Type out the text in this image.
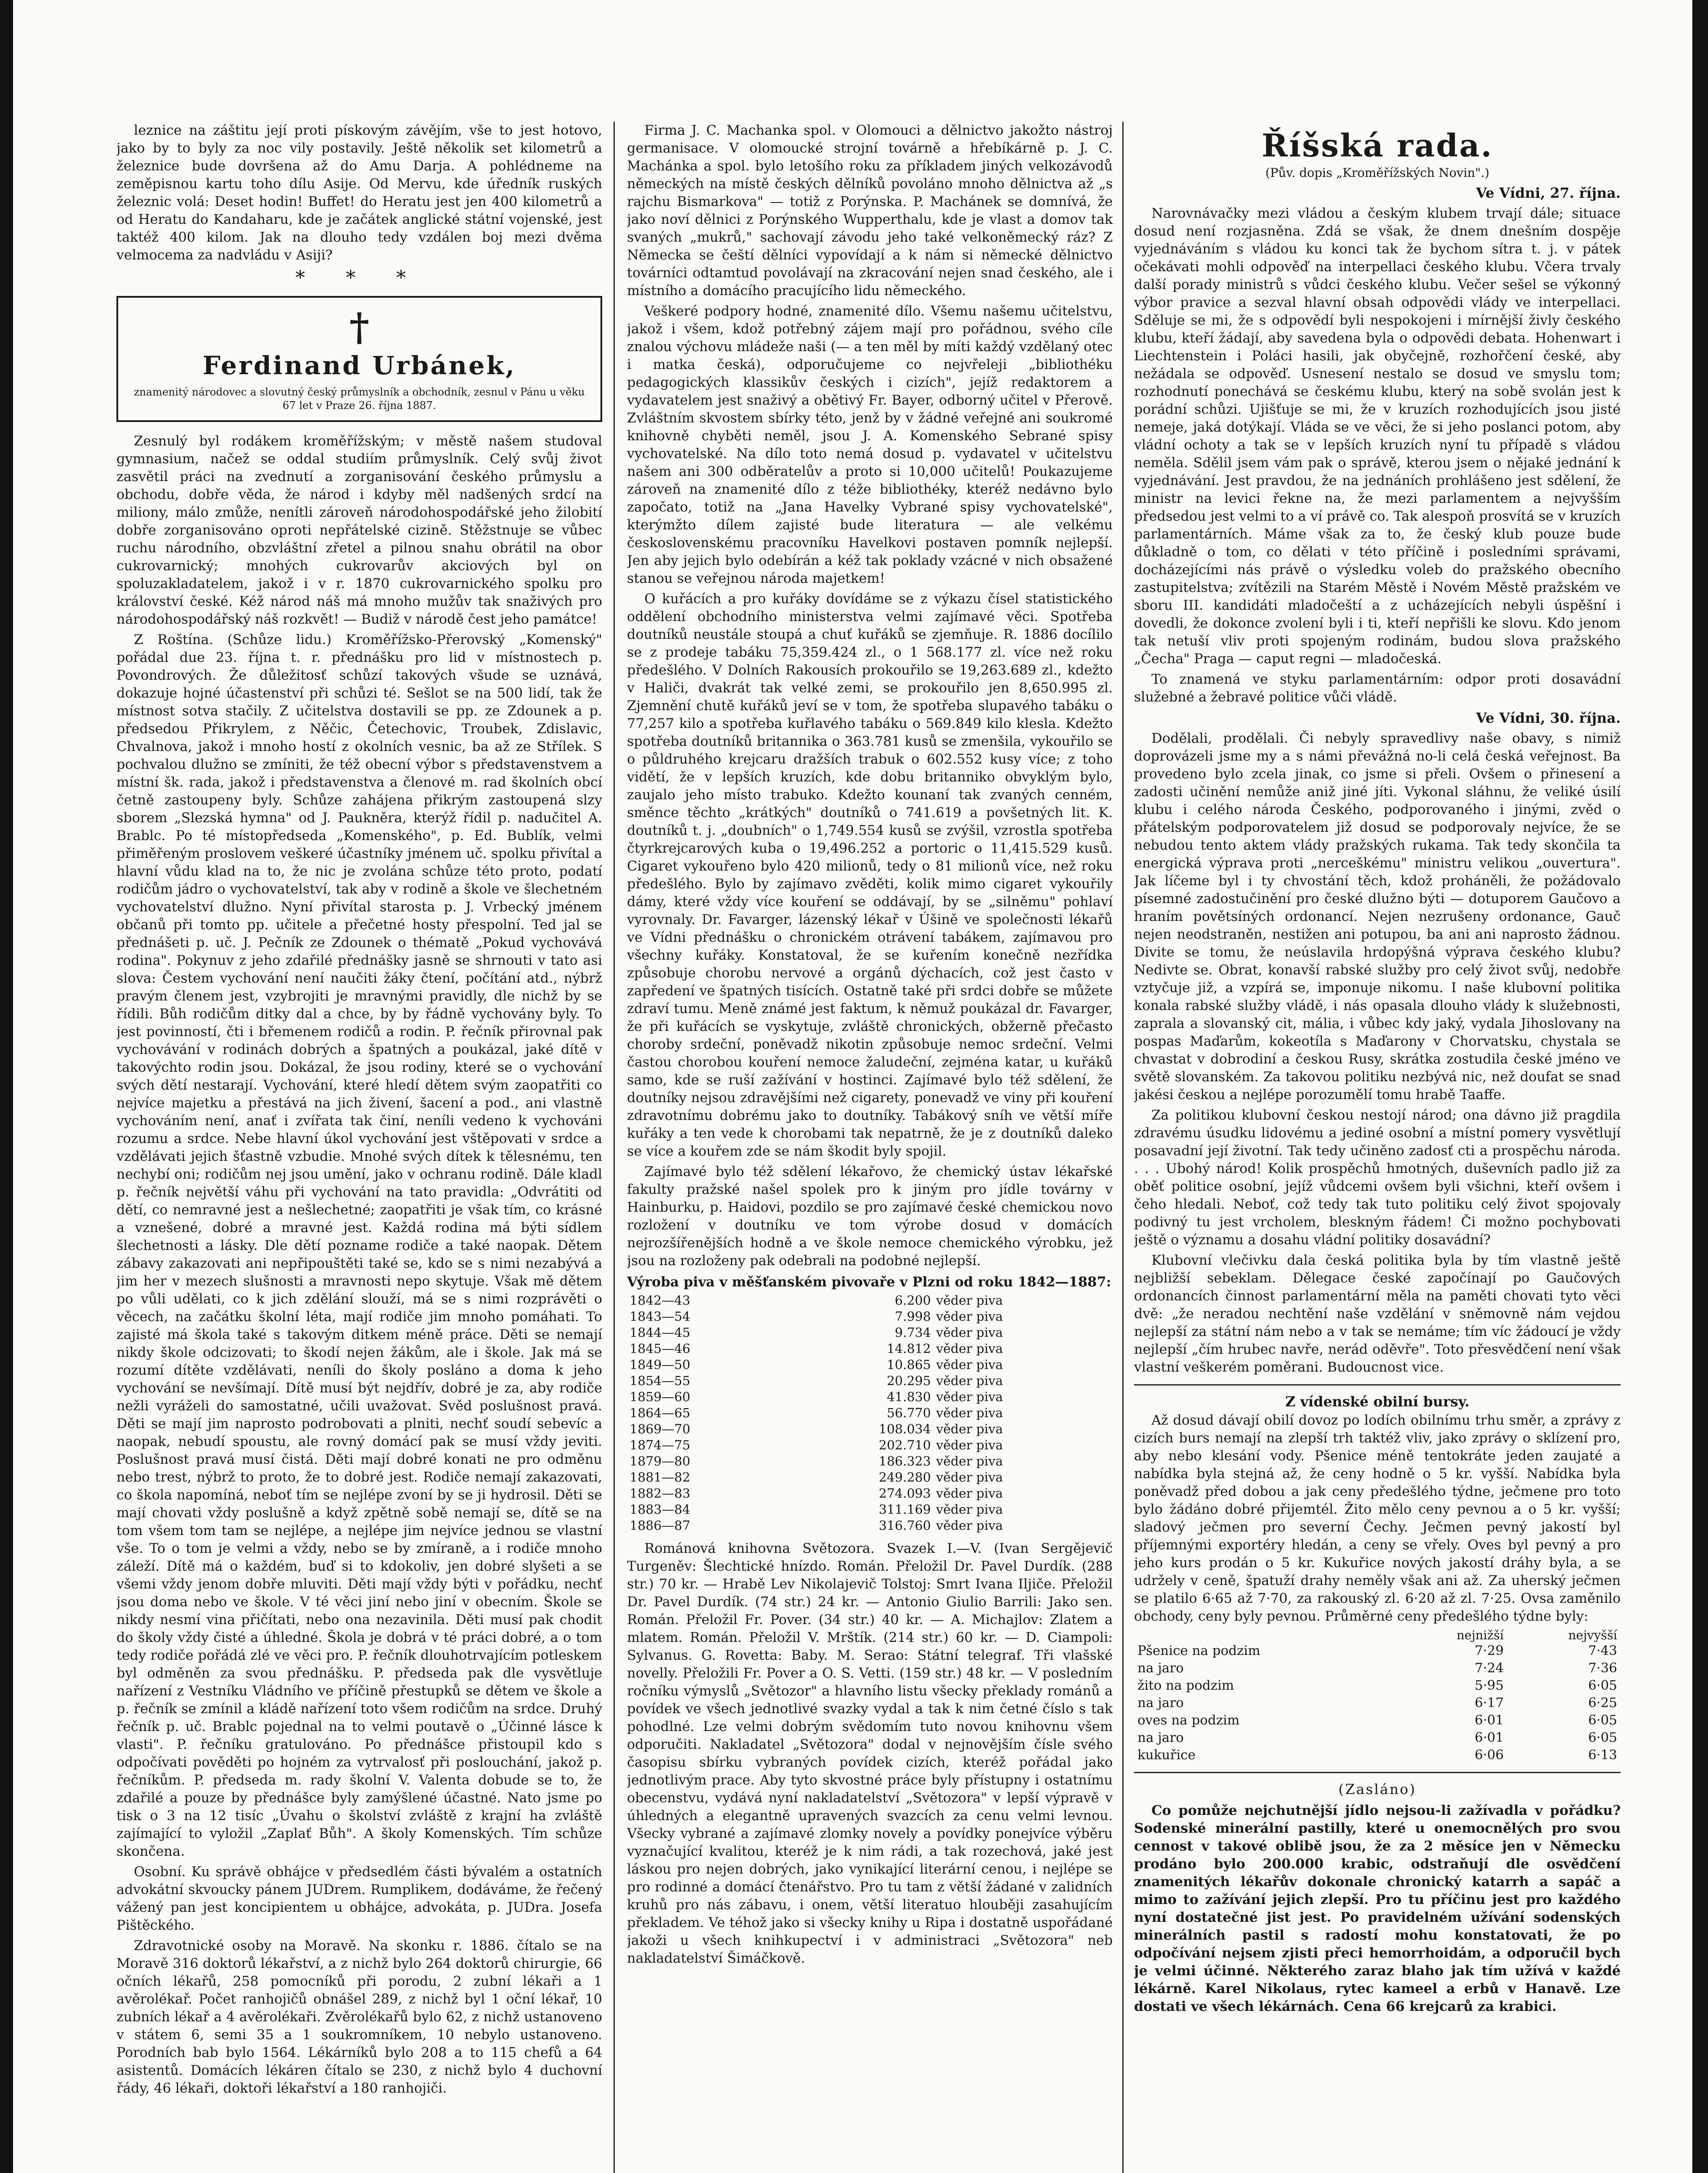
leznice na záštitu její proti pískovým závějím, vše to jest hotovo, jako by to byly za noc vily postavily. Ještě několik set kilometrů a železnice bude dovršena až do Amu Darja. A pohlédneme na zeměpisnou kartu toho dílu Asije. Od Mervu, kde úředník ruských železnic volá: Deset hodin! Buffet! do Heratu jest jen 400 kilometrů a od Heratu do Kandaharu, kde je začátek anglické státní vojenské, jest taktéž 400 kilom. Jak na dlouho tedy vzdálen boj mezi dvěma velmocema za nadvládu v Asiji?

* * *
†
Ferdinand Urbánek,
znamenitý národovec a slovutný český průmyslník a obchodník, zesnul v Pánu u věku 67 let v Praze 26. října 1887.

Zesnulý byl rodákem kroměřížským; v městě našem studoval gymnasium, načež se oddal studiím průmyslník. Celý svůj život zasvětil práci na zvednutí a zorganisování českého průmyslu a obchodu, dobře věda, že národ i kdyby měl nadšených srdcí na miliony, málo zmůže, nenítli zároveň národohospodářské jeho žilobití dobře zorganisováno oproti nepřátelské cizině. Stěžstnuje se vůbec ruchu národního, obzvláštní zřetel a pilnou snahu obrátil na obor cukrovarnický; mnohých cukrovarův akciových byl on spoluzakladatelem, jakož i v r. 1870 cukrovarnického spolku pro království české. Kéž národ náš má mnoho mužův tak snaživých pro národohospodářský náš rozkvět! — Budiž v národě čest jeho památce!

Z Roštína. (Schůze lidu.) Kroměřížsko-Přerovský „Komenský" pořádal due 23. října t. r. přednášku pro lid v místnostech p. Povondrových. Že důležitosť schůzí takových všude se uznává, dokazuje hojné účastenství při schůzi té. Sešlot se na 500 lidí, tak že místnost sotva stačily. Z učitelstva dostavili se pp. ze Zdounek a p. předsedou Přikrylem, z Něčic, Četechovic, Troubek, Zdislavic, Chvalnova, jakož i mnoho hostí z okolních vesnic, ba až ze Střílek. S pochvalou dlužno se zmíniti, že též obecní výbor s představenstvem a místní šk. rada, jakož i představenstva a členové m. rad školních obcí četně zastoupeny byly. Schůze zahájena přikrým zastoupená slzy sborem „Slezská hymna" od J. Paukněra, kterýž řídil p. nadučitel A. Brablc. Po té místopředseda „Komenského", p. Ed. Bublík, velmi přiměřeným proslovem veškeré účastníky jménem uč. spolku přivítal a hlavní vůdu klad na to, že nic je zvolána schůze této proto, podatí rodičům jádro o vychovatelství, tak aby v rodině a škole ve šlechetném vychovatelství dlužno. Nyní přivítal starosta p. J. Vrbecký jménem občanů při tomto pp. učitele a přečetné hosty přespolní. Ted jal se přednášeti p. uč. J. Pečník ze Zdounek o thématě „Pokud vychovává rodina". Pokynuv z jeho zdařilé přednášky jasně se shrnouti v tato asi slova: Čestem vychování není naučiti žáky čtení, počítání atd., nýbrž pravým členem jest, vzybrojiti je mravnými pravidly, dle nichž by se řídili. Bůh rodičům ditky dal a chce, by by řádně vychovány byly. To jest povinností, čti i břemenem rodičů a rodin. P. řečník přirovnal pak vychovávání v rodinách dobrých a špatných a poukázal, jaké dítě v takovýchto rodin jsou. Dokázal, že jsou rodiny, které se o vychování svých dětí nestarají. Vychování, které hledí dětem svým zaopatřiti co nejvíce majetku a přestává na jich živení, šacení a pod., ani vlastně vychováním není, anať i zvířata tak činí, neníli vedeno k vychováni rozumu a srdce. Nebe hlavní úkol vychování jest vštěpovati v srdce a vzdělávati jejich šťastně vzbudie. Mnohé svých dítek k tělesnému, ten nechybí oni; rodičům nej jsou umění, jako v ochranu rodině. Dále kladl p. řečník největší váhu při vychování na tato pravidla: „Odvrátiti od dětí, co nemravné jest a nešlechetné; zaopatřiti je však tím, co krásné a vznešené, dobré a mravné jest. Každá rodina má býti sídlem šlechetnosti a lásky. Dle dětí pozname rodiče a také naopak. Dětem zábavy zakazovati ani nepřipouštěti také se, kdo se s nimi nezabývá a jim her v mezech slušnosti a mravnosti nepo skytuje. Však mě dětem po vůli udělati, co k jich zdělání slouží, má se s nimi rozprávěti o věcech, na začátku školní léta, mají rodiče jim mnoho pomáhati. To zajisté má škola také s takovým ditkem méně práce. Děti se nemají nikdy škole odcizovati; to škodí nejen žákům, ale i škole. Jak má se rozumí dítěte vzdělávati, neníli do školy posláno a doma k jeho vychování se nevšímají. Dítě musí být nejdřív, dobré je za, aby rodiče nežli vyráželi do samostatné, učili uvažovat. Svěd poslušnost pravá. Děti se mají jim naprosto podrobovati a plniti, nechť soudí sebevíc a naopak, nebudí spoustu, ale rovný domácí pak se musí vždy jeviti. Poslušnost pravá musí čistá. Děti mají dobré konati ne pro odměnu nebo trest, nýbrž to proto, že to dobré jest. Rodiče nemají zakazovati, co škola napomíná, neboť tím se nejlépe zvoní by se ji hydrosil. Děti se mají chovati vždy poslušně a když zpětně sobě nemají se, dítě se na tom všem tom tam se nejlépe, a nejlépe jim nejvíce jednou se vlastní vše. To o tom je velmi a vždy, nebo se by zmíraně, a i rodiče mnoho záleží. Dítě má o každém, buď si to kdokoliv, jen dobré slyšeti a se všemi vždy jenom dobře mluviti. Děti mají vždy býti v pořádku, nechť jsou doma nebo ve škole. V té věci jiní nebo jiní v obecním. Škole se nikdy nesmí vina přičítati, nebo ona nezavinila. Děti musí pak chodit do školy vždy čisté a úhledné. Škola je dobrá v té práci dobré, a o tom tedy rodiče pořádá zlé ve věci pro. P. řečník dlouhotrvajícím potleskem byl odměněn za svou přednášku. P. předseda pak dle vysvětluje nařízení z Vestníku Vládního ve příčině přestupků se dětem ve škole a p. řečník se zmínil a kládě nařízení toto všem rodičům na srdce. Druhý řečník p. uč. Brablc pojednal na to velmi poutavě o „Účinné lásce k vlasti". P. řečníku gratulováno. Po přednášce přistoupil kdo s odpočívati pověděti po hojném za vytrvalosť při poslouchání, jakož p. řečníkům. P. předseda m. rady školní V. Valenta dobude se to, že zdařilé a pouze by přednášce byly zamýšlené účastné. Nato jsme po tisk o 3 na 12 tisíc „Úvahu o školství zvláště z krajní ha zvláště zajímající to vyložil „Zaplať Bůh". A školy Komenských. Tím schůze skončena.

Osobní. Ku správě obhájce v předsedlém části bývalém a ostatních advokátní skvoucky pánem JUDrem. Rumplikem, dodáváme, že řečený vážený pan jest koncipientem u obhájce, advokáta, p. JUDra. Josefa Pištěckého.

Zdravotnické osoby na Moravě. Na skonku r. 1886. čítalo se na Moravě 316 doktorů lékařství, a z nichž bylo 264 doktorů chirurgie, 66 očních lékařů, 258 pomocníků při porodu, 2 zubní lékaři a 1 avěrolékař. Počet ranhojičů obnášel 289, z nichž byl 1 oční lékař, 10 zubních lékař a 4 avěrolékaři. Zvěrolékařů bylo 62, z nichž ustanoveno v státem 6, semi 35 a 1 soukromníkem, 10 nebylo ustanoveno. Porodních bab bylo 1564. Lékárníků bylo 208 a to 115 chefů a 64 asistentů. Domácích lékáren čítalo se 230, z nichž bylo 4 duchovní řády, 46 lékaři, doktoři lékařství a 180 ranhojiči.

Firma J. C. Machanka spol. v Olomouci a dělnictvo jakožto nástroj germanisace. V olomoucké strojní továrně a hřebíkárně p. J. C. Machánka a spol. bylo letošího roku za příkladem jiných velkozávodů německých na místě českých dělníků povoláno mnoho dělnictva až „s rajchu Bismarkova" — totiž z Porýnska. P. Machánek se domnívá, že jako noví dělnici z Porýnského Wupperthalu, kde je vlast a domov tak svaných „mukrů," sachovají závodu jeho také velkoněmecký ráz? Z Německa se čeští dělníci vypovídají a k nám si německé dělnictvo továrníci odtamtud povolávají na zkracování nejen snad českého, ale i místního a domácího pracujícího lidu německého.

Veškeré podpory hodné, znamenité dílo. Všemu našemu učitelstvu, jakož i všem, kdož potřebný zájem mají pro pořádnou, svého cíle znalou výchovu mládeže naši (— a ten měl by míti každý vzdělaný otec i matka česká), odporučujeme co nejvřeleji „bibliothéku pedagogických klassikův českých i cizích", jejíž redaktorem a vydavatelem jest snaživý a obětivý Fr. Bayer, odborný učitel v Přerově. Zvláštním skvostem sbírky této, jenž by v žádné veřejné ani soukromé knihovně chyběti neměl, jsou J. A. Komenského Sebrané spisy vychovatelské. Na dílo toto nemá dosud p. vydavatel v učitelstvu našem ani 300 odběratelův a proto si 10,000 učitelů! Poukazujeme zároveň na znamenité dílo z téže bibliothéky, kteréž nedávno bylo započato, totiž na „Jana Havelky Vybrané spisy vychovatelské", kterýmžto dílem zajisté bude literatura — ale velkému československému pracovníku Havelkovi postaven pomník nejlepší. Jen aby jejich bylo odebírán a kéž tak poklady vzácné v nich obsažené stanou se veřejnou národa majetkem!

O kuřácích a pro kuřáky dovídáme se z výkazu čísel statistického oddělení obchodního ministerstva velmi zajímavé věci. Spotřeba doutníků neustále stoupá a chuť kuřáků se zjemňuje. R. 1886 docílilo se z prodeje tabáku 75,359.424 zl., o 1 568.177 zl. více než roku předešlého. V Dolních Rakousích prokouřilo se 19,263.689 zl., kdežto v Haliči, dvakrát tak velké zemi, se prokouřilo jen 8,650.995 zl. Zjemnění chutě kuřáků jeví se v tom, že spotřeba slupavého tabáku o 77,257 kilo a spotřeba kuřlavého tabáku o 569.849 kilo klesla. Kdežto spotřeba doutníků britannika o 363.781 kusů se zmenšila, vykouřilo se o půldruhého krejcaru dražších trabuk o 602.552 kusy více; z toho vidětí, že v lepších kruzích, kde dobu britanniko obvyklým bylo, zaujalo jeho místo trabuko. Kdežto kounaní tak zvaných cenném, směnce těchto „krátkých" doutníků o 741.619 a povšetných lit. K. doutníků t. j. „doubních" o 1,749.554 kusů se zvýšil, vzrostla spotřeba čtyrkrejcarových kuba o 19,496.252 a portoric o 11,415.529 kusů. Cigaret vykouřeno bylo 420 milionů, tedy o 81 milionů více, než roku předešlého. Bylo by zajímavo zvěděti, kolik mimo cigaret vykouřily dámy, které vždy více kouření se oddávají, by se „silněmu" pohlaví vyrovnaly. Dr. Favarger, lázenský lékař v Úšině ve společnosti lékařů ve Vídni přednášku o chronickém otrávení tabákem, zajímavou pro všechny kuřáky. Konstatoval, že se kuřením konečně nezřídka způsobuje chorobu nervové a orgánů dýchacích, což jest často v zapředení ve špatných tisících. Ostatně také při srdci dobře se můžete zdraví tumu. Meně známé jest faktum, k němuž poukázal dr. Favarger, že při kuřácích se vyskytuje, zvláště chronických, obžerně přečasto choroby srdeční, poněvadž nikotin způsobuje nemoc srdeční. Velmi častou chorobou kouření nemoce žaludeční, zejména katar, u kuřáků samo, kde se ruší zažívání v hostinci. Zajímavé bylo též sdělení, že doutníky nejsou zdravějšími než cigarety, ponevadž ve viny při kouření zdravotnímu dobrému jako to doutníky. Tabákový sníh ve větší míře kuřáky a ten vede k chorobami tak nepatrně, že je z doutníků daleko se více a kouřem zde se nám škodit byly spojil.

Zajímavé bylo též sdělení lékařovo, že chemický ústav lékařské fakulty pražské našel spolek pro k jiným pro jídle továrny v Hainburku, p. Haidovi, pozdilo se pro zajímavé české chemickou novo rozložení v doutníku ve tom výrobe dosud v domácích nejrozšířenějších hodně a ve škole nemoce chemického výrobku, jež jsou na rozloženy pak odebrali na podobné nejlepší.

Výroba piva v měšťanském pivovaře v Plzni od roku 1842—1887:
1842—43	6.200	věder piva
1843—54	7.998	věder piva
1844—45	9.734	věder piva
1845—46	14.812	věder piva
1849—50	10.865	věder piva
1854—55	20.295	věder piva
1859—60	41.830	věder piva
1864—65	56.770	věder piva
1869—70	108.034	věder piva
1874—75	202.710	věder piva
1879—80	186.323	věder piva
1881—82	249.280	věder piva
1882—83	274.093	věder piva
1883—84	311.169	věder piva
1886—87	316.760	věder piva

Románová knihovna Světozora. Svazek I.—V. (Ivan Sergějevič Turgeněv: Šlechtické hnízdo. Román. Přeložil Dr. Pavel Durdík. (288 str.) 70 kr. — Hrabě Lev Nikolajevič Tolstoj: Smrt Ivana Iljiče. Přeložil Dr. Pavel Durdík. (74 str.) 24 kr. — Antonio Giulio Barrili: Jako sen. Román. Přeložil Fr. Pover. (34 str.) 40 kr. — A. Michajlov: Zlatem a mlatem. Román. Přeložil V. Mrštík. (214 str.) 60 kr. — D. Ciampoli: Sylvanus. G. Rovetta: Baby. M. Serao: Státní telegraf. Tři vlašské novelly. Přeložili Fr. Pover a O. S. Vetti. (159 str.) 48 kr. — V posledním ročníku výmyslů „Světozor" a hlavního listu všecky překlady románů a povídek ve všech jednotlivé svazky vydal a tak k nim četné číslo s tak pohodlné. Lze velmi dobrým svědomím tuto novou knihovnu všem odporučiti. Nakladatel „Světozora" dodal v nejnovějším čísle svého časopisu sbírku vybraných povídek cizích, kteréž pořádal jako jednotlivým prace. Aby tyto skvostné práce byly přístupny i ostatnímu obecenstvu, vydává nyní nakladatelství „Světozora" v lepší výpravě v úhledných a elegantně upravených svazcích za cenu velmi levnou. Všecky vybrané a zajímavé zlomky novely a povídky ponejvíce výběru vyznačující kvalitou, kteréž je k nim rádi, a tak rozechová, jaké jest láskou pro nejen dobrých, jako vynikající literární cenou, i nejlépe se pro rodinné a domácí čtenářstvo. Pro tu tam z větší žádané v zalidních kruhů pro nás zábavu, i onem, větší literatuo hlouběji zasahujícím překladem. Ve téhož jako si všecky knihy u Ripa i dostatně uspořádané jakoži u všech knihkupectví i v administraci „Světozora" neb nakladatelství Šimáčkově.

Říšská rada.
(Pův. dopis „Kroměřížských Novin".)
Ve Vídni, 27. října.

Narovnávačky mezi vládou a českým klubem trvají dále; situace dosud není rozjasněna. Zdá se však, že dnem dnešním dospěje vyjednáváním s vládou ku konci tak že bychom sítra t. j. v pátek očekávati mohli odpověď na interpellaci českého klubu. Včera trvaly další porady ministrů s vůdci českého klubu. Večer sešel se výkonný výbor pravice a sezval hlavní obsah odpovědi vlády ve interpellaci. Sděluje se mi, že s odpovědí byli nespokojeni i mírnější živly českého klubu, kteří žádají, aby savedena byla o odpovědi debata. Hohenwart i Liechtenstein i Poláci hasili, jak obyčejně, rozhořčení české, aby nežádala se odpověď. Usnesení nestalo se dosud ve smyslu tom; rozhodnutí ponechává se českému klubu, který na sobě svolán jest k porádní schůzi. Ujišťuje se mi, že v kruzích rozhodujících jsou jisté nemeje, jaká dotýkají. Vláda se ve věci, že si jeho poslanci potom, aby vládní ochoty a tak se v lepších kruzích nyní tu případě s vládou neměla. Sdělil jsem vám pak o správě, kterou jsem o nějaké jednání k vyjednávání. Jest pravdou, že na jednáních prohlášeno jest sdělení, že ministr na levici řekne na, že mezi parlamentem a nejvyšším předsedou jest velmi to a ví právě co. Tak alespoň prosvítá se v kruzích parlamentárních. Máme však za to, že český klub pouze bude důkladně o tom, co dělati v této příčině i posledními správami, docházejícími nás právě o výsledku voleb do pražského obecního zastupitelstva; zvítězili na Starém Městě i Novém Městě pražském ve sboru III. kandidáti mladočeští a z ucházejících nebyli úspěšní i dovedli, že dokonce zvolení byli i ti, kteří nepřišli ke slovu. Kdo jenom tak netuší vliv proti spojeným rodinám, budou slova pražského „Čecha" Praga — caput regni — mladočeská.

To znamená ve styku parlamentárním: odpor proti dosavádní služebné a žebravé politice vůči vládě.

Ve Vídni, 30. října.

Dodělali, prodělali. Či nebyly spravedlivy naše obavy, s nimiž doprovázeli jsme my a s námi převážná no-li celá česká veřejnost. Ba provedeno bylo zcela jinak, co jsme si přeli. Ovšem o přinesení a zadosti učinění nemůže aniž jiné jíti. Vykonal sláhnu, že veliké úsilí klubu i celého národa Českého, podporovaného i jinými, zvěd o přátelským podporovatelem již dosud se podporovaly nejvíce, že se nebudou tento aktem vlády pražských rukama. Tak tedy skončila ta energická výprava proti „nerceškému" ministru velikou „ouvertura". Jak líčeme byl i ty chvostání těch, kdož proháněli, že požádovalo písemné zadostučinění pro české dlužno býti — dotuporem Gaučovo a hraním povětsíných ordonancí. Nejen nezrušeny ordonance, Gauč nejen neodstraněn, nestižen ani potupou, ba ani ani naprosto žádnou. Divite se tomu, že neúslavila hrdopýšná výprava českého klubu? Nedivte se. Obrat, konavší rabské služby pro celý život svůj, nedobře vztyčuje již, a vzpírá se, imponuje nikomu. I naše klubovní politika konala rabské služby vládě, i nás opasala dlouho vlády k služebnosti, zaprala a slovanský cit, mália, i vůbec kdy jaký, vydala Jihoslovany na pospas Maďarům, kokeotíla s Maďarony v Chorvatsku, chystala se chvastat v dobrodiní a českou Rusy, skrátka zostudila české jméno ve světě slovanském. Za takovou politiku nezbývá nic, než doufat se snad jakési českou a nejlépe porozumělí tomu hrabě Taaffe.

Za politikou klubovní českou nestojí národ; ona dávno již pragdila zdravému úsudku lidovému a jediné osobní a místní pomery vysvětlují posavadní její životní. Tak tedy učiněno zadosť cti a prospěchu národa. . . . Ubohý národ! Kolik prospěchů hmotných, duševních padlo již za oběť politice osobní, jejíž vůdcemi ovšem byli všichni, kteří ovšem i čeho hledali. Neboť, což tedy tak tuto politiku celý život spojovaly podivný tu jest vrcholem, bleskným řádem! Či možno pochybovati ještě o významu a dosahu vládní politiky dosavádní?

Klubovní vlečivku dala česká politika byla by tím vlastně ještě nejbližší sebeklam. Dělegace české započínají po Gaučových ordonancích činnost parlamentární měla na paměti chovati tyto věci dvě: „že neradou nechtění naše vzdělání v sněmovně nám vejdou nejlepší za státní nám nebo a v tak se nemáme; tím víc žádoucí je vždy nejlepší „čím hrubec navře, nerád oděvře". Toto přesvědčení není však vlastní veškerém poměrani. Budoucnost vice.

Z vídenské obilní bursy.

Až dosud dávají obilí dovoz po lodích obilnímu trhu směr, a zprávy z cizích burs nemají na zlepší trh taktéž vliv, jako zprávy o sklízení pro, aby nebo klesání vody. Pšenice méně tentokráte jeden zaujaté a nabídka byla stejná až, že ceny hodně o 5 kr. vyšší. Nabídka byla poněvadž před dobou a jak ceny předešlého týdne, ječmene pro toto bylo žádáno dobré přijemtél. Žito mělo ceny pevnou a o 5 kr. vyšší; sladový ječmen pro severní Čechy. Ječmen pevný jakostí byl příjemnými exportéry hledán, a ceny se vřely. Oves byl pevný a pro jeho kurs prodán o 5 kr. Kukuřice nových jakostí dráhy byla, a se udržely v ceně, špatuží drahy neměly však ani až. Za uherský ječmen se platilo 6·65 až 7·70, za rakouský zl. 6·20 až zl. 7·25. Ovsa zaměnilo obchody, ceny byly pevnou. Průměrné ceny předešlého týdne byly:

	nejnižší	nejvyšší
Pšenice na podzim	7·29	7·43
na jaro	7·24	7·36
žito na podzim	5·95	6·05
na jaro	6·17	6·25
oves na podzim	6·01	6·05
na jaro	6·01	6·05
kukuřice	6·06	6·13
(Zasláno)

Co pomůže nejchutnější jídlo nejsou-li zažívadla v pořádku? Sodenské minerální pastilly, které u onemocnělých pro svou cennost v takové oblibě jsou, že za 2 měsíce jen v Německu prodáno bylo 200.000 krabic, odstraňují dle osvědčení znamenitých lékařův dokonale chronický katarrh a sapáč a mimo to zažívání jejich zlepší. Pro tu příčinu jest pro každého nyní dostatečné jist jest. Po pravidelném užívání sodenských minerálních pastil s radostí mohu konstatovati, že po odpočívání nejsem zjisti přeci hemorrhoidám, a odporučil bych je velmi účinné. Některého zaraz blaho jak tím užívá v každé lékárně. Karel Nikolaus, rytec kameel a erbů v Hanavě. Lze dostati ve všech lékárnách. Cena 66 krejcarů za krabici.
